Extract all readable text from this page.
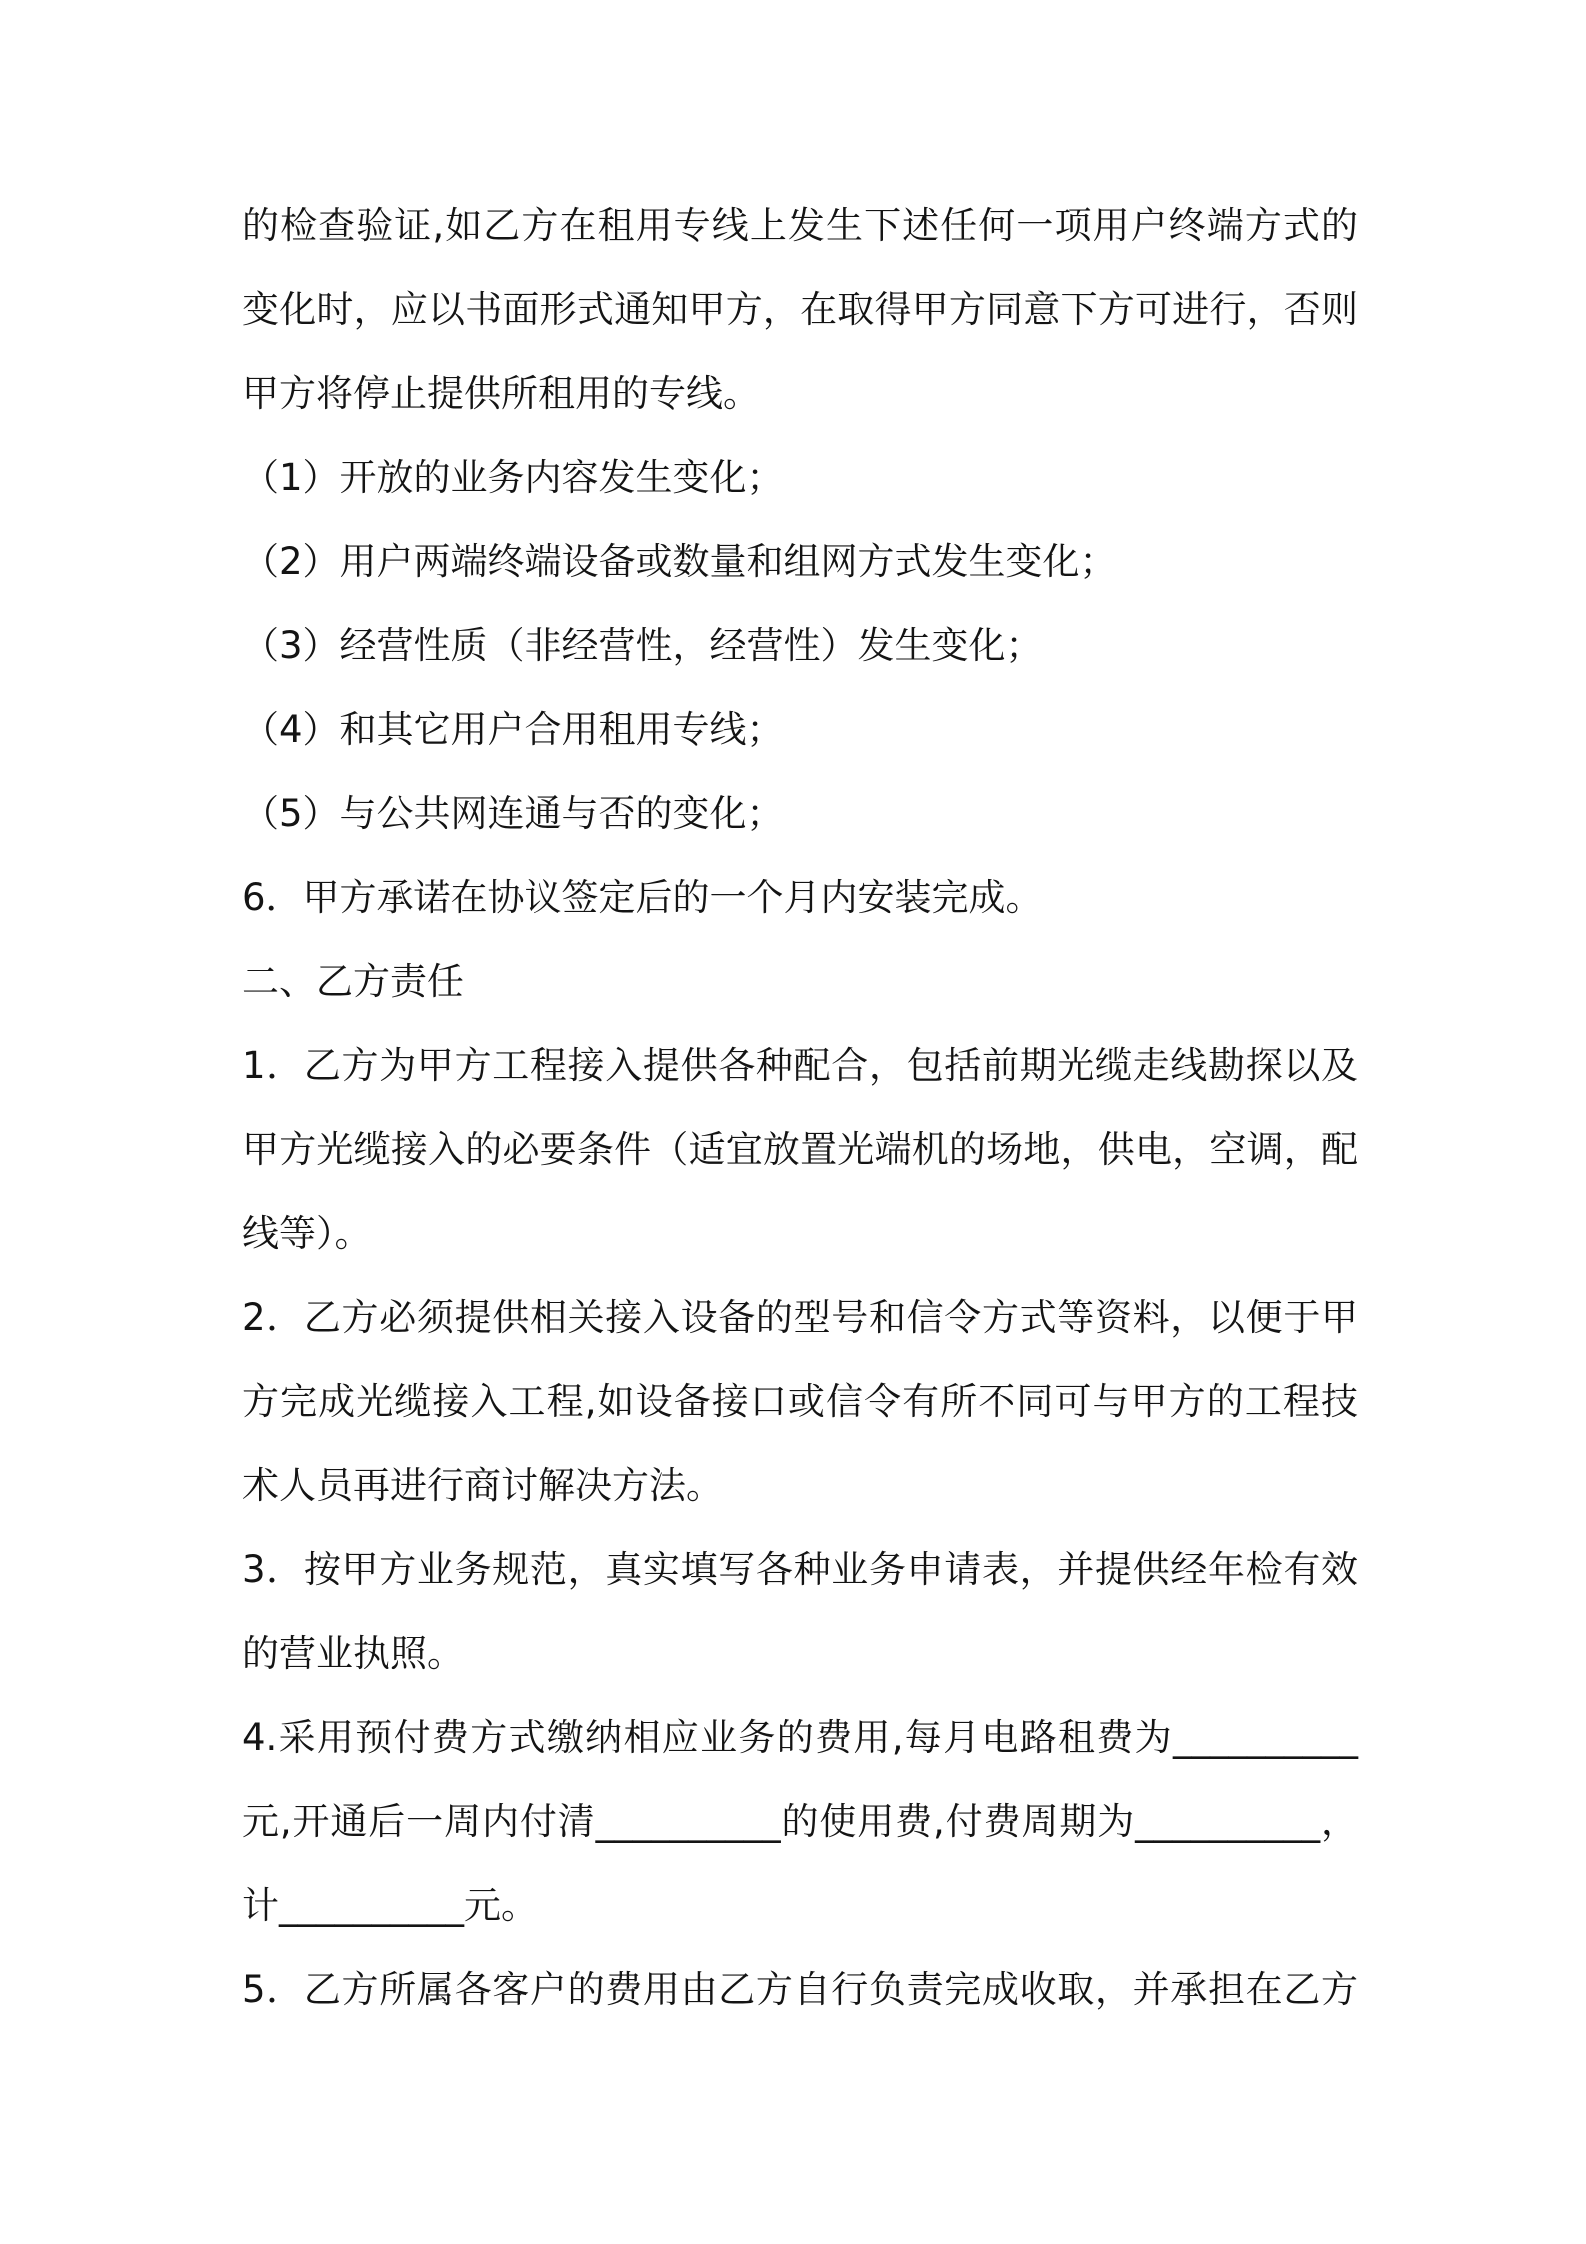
的检查验证,如乙方在租用专线上发生下述任何一项用户终端方式的
变化时，应以书面形式通知甲方，在取得甲方同意下方可进行，否则
甲方将停止提供所租用的专线。
（1）开放的业务内容发生变化；
（2）用户两端终端设备或数量和组网方式发生变化；
（3）经营性质（非经营性，经营性）发生变化；
（4）和其它用户合用租用专线；
（5）与公共网连通与否的变化；
6．甲方承诺在协议签定后的一个月内安装完成。
二、乙方责任
1．乙方为甲方工程接入提供各种配合，包括前期光缆走线勘探以及
甲方光缆接入的必要条件（适宜放置光端机的场地，供电，空调，配
线等）。
2．乙方必须提供相关接入设备的型号和信令方式等资料，以便于甲
方完成光缆接入工程,如设备接口或信令有所不同可与甲方的工程技
术人员再进行商讨解决方法。
3．按甲方业务规范，真实填写各种业务申请表，并提供经年检有效
的营业执照。
4.采用预付费方式缴纳相应业务的费用,每月电路租费为__________
元,开通后一周内付清__________的使用费,付费周期为__________，
计__________元。
5．乙方所属各客户的费用由乙方自行负责完成收取，并承担在乙方
